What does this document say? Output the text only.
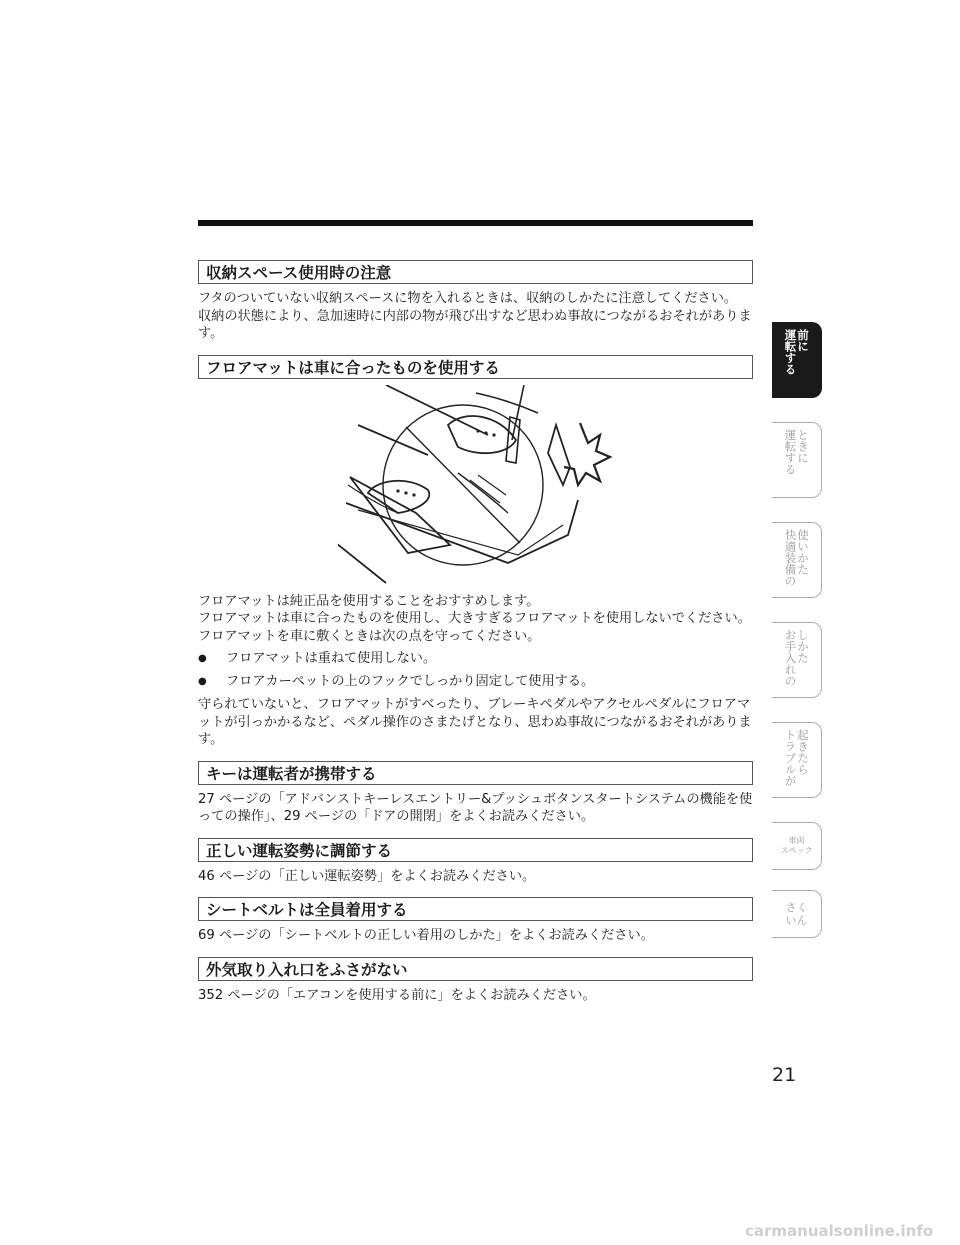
収納スペース使用時の注意

フタのついていない収納スペースに物を入れるときは、収納のしかたに注意してください。 収納の状態により、急加速時に内部の物が飛び出すなど思わぬ事故につながるおそれがあります。

フロアマットは車に合ったものを使用する

フロアマットは純正品を使用することをおすすめします。

フロアマットは車に合ったものを使用し、大きすぎるフロアマットを使用しないでください。

フロアマットを車に敷くときは次の点を守ってください。

●	フロアマットは重ねて使用しない。
●	フロアカーペットの上のフックでしっかり固定して使用する。

守られていないと、フロアマットがすべったり、ブレーキペダルやアクセルペダルにフロアマットが引っかかるなど、ペダル操作のさまたげとなり、思わぬ事故につながるおそれがあります。

キーは運転者が携帯する

27 ページの「アドバンストキーレスエントリー&プッシュボタンスタートシステムの機能を使っての操作」、29 ページの「ドアの開閉」をよくお読みください。

正しい運転姿勢に調節する

46 ページの「正しい運転姿勢」をよくお読みください。

シートベルトは全員着用する

69 ページの「シートベルトの正しい着用のしかた」をよくお読みください。

外気取り入れ口をふさがない

352 ページの「エアコンを使用する前に」をよくお読みください。

運転する
前に
運転する
ときに
快適装備の
使いかた
お手入れの
しかた
トラブルが
起きたら
車両
スペック
さく
いん
21
carmanualsonline.info
